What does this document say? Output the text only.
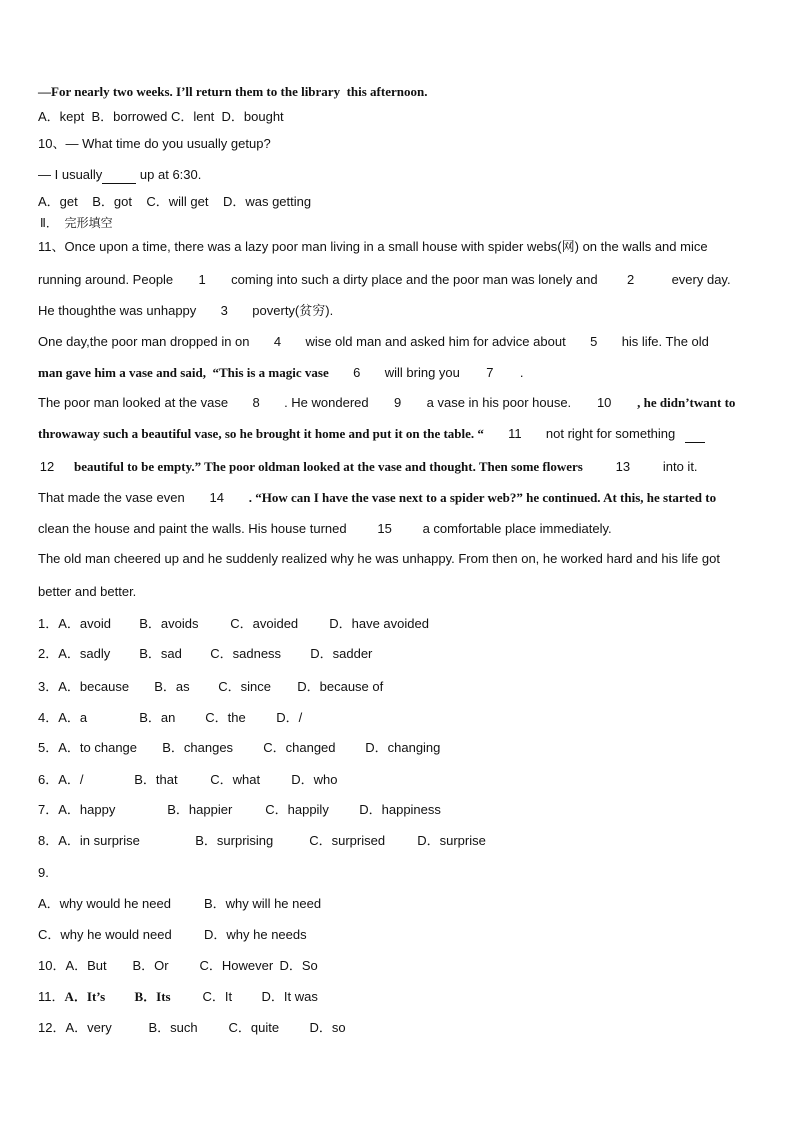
—For nearly two weeks. I’ll return them to the library  this afternoon.
A．kept  B．borrowed C．lent  D．bought
10、— What time do you usually getup?
— I usually	up at 6:30.
A．get    B．got    C．will get    D．was getting
Ⅱ．  完形填空
11、Once upon a time, there was a lazy poor man living in a small house with spider webs(网) on the walls and mice
running around. People 1 coming into such a dirty place and the poor man was lonely and 2	every day.
He thoughthe was unhappy 3 poverty(贫穷).
One day,the poor man dropped in on 4 wise old man and asked him for advice about 5 his life. The old
man gave him a vase and said,  “This is a magic vase 6 will bring you 7 .
The poor man looked at the vase 8 . He wondered 9 a vase in his poor house. 10 , he didn’twant to
throwaway such a beautiful vase, so he brought it home and put it on the table. “ 11 not right for something
12 beautiful to be empty.” The poor oldman looked at the vase and thought. Then some flowers	13	into it.
That made the vase even 14 . “How can I have the vase next to a spider web?” he continued. At this, he started to
clean the house and paint the walls. His house turned 15 a comfortable place immediately.
The old man cheered up and he suddenly realized why he was unhappy. From then on, he worked hard and his life got
better and better.
1．A．avoid B．avoids C．avoided D．have avoided
2．A．sadly B．sad C．sadness D．sadder
3．A．because B．as C．since D．because of
4．A．a	B．an C．the D．/
5．A．to change B．changes C．changed D．changing
6．A．/	B．that	C．what D．who
7．A．happy	B．happier	C．happily D．happiness
8．A．in surprise	B．surprising	C．surprised D．surprise
9.
A．why would he need	B．why will he need
C．why he would need D．why he needs
10．A．But B．Or C．However D．So
11．A．It’s B．Its C．It D．It was
12．A．very	B．such C．quite D．so
